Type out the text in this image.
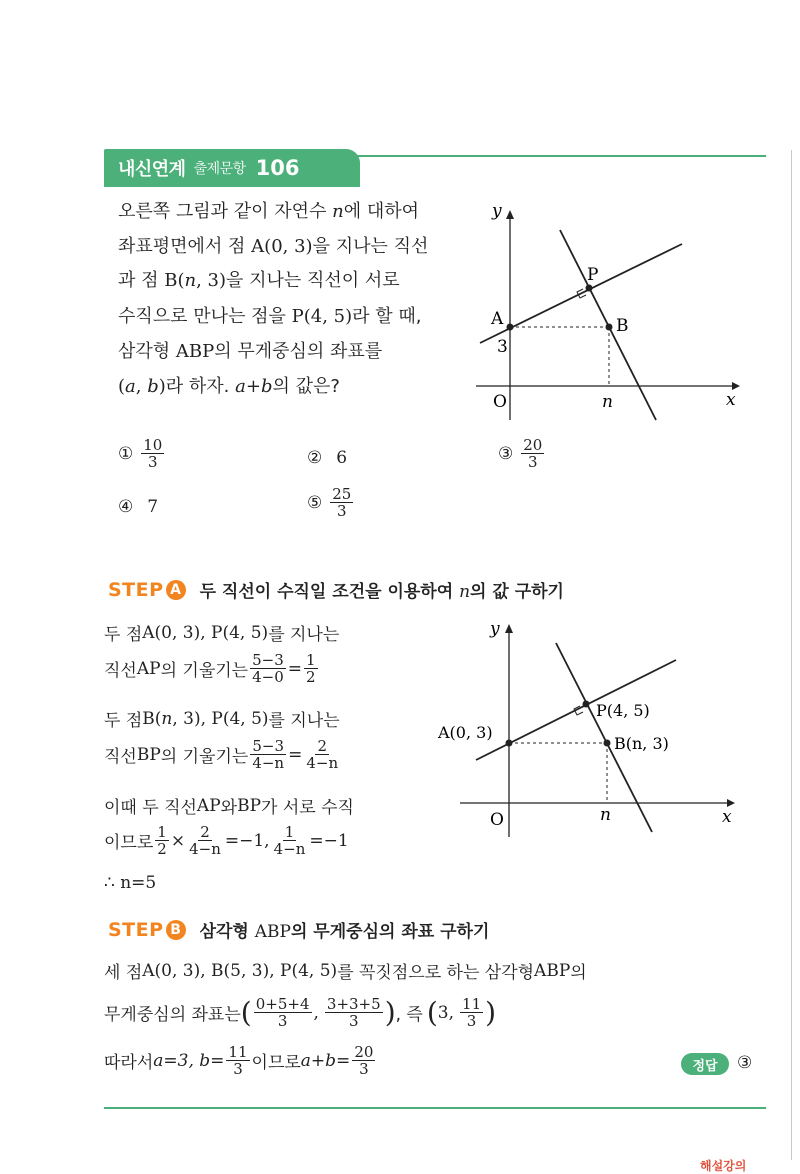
내신연계 출제문항 106
오른쪽 그림과 같이 자연수 n에 대하여
좌표평면에서 점 A(0, 3)을 지나는 직선
과 점 B(n, 3)을 지나는 직선이 서로
수직으로 만나는 점을 P(4, 5)라 할 때,
삼각형 ABP의 무게중심의 좌표를
(a, b)라 하자. a+b의 값은?
y
x
P
A	B
3
O	n
① $\frac{10}{3}$	② 6	③ $\frac{20}{3}$
④ 7	⑤ $\frac{25}{3}$
STEP A 두 직선이 수직일 조건을 이용하여 n의 값 구하기
두 점 A(0, 3), P(4, 5) 를 지나는
직선 AP 의 기울기는 $\frac{5-3}{4-0} = \frac{1}{2}$
두 점 B( n , 3), P(4, 5) 를 지나는
직선 BP 의 기울기는 $\frac{5-3}{4-n} = \frac{2}{4-n}$
이때 두 직선 AP 와 BP 가 서로 수직
이므로 $\frac{1}{2} \times \frac{2}{4-n} =-1$, $\frac{1}{4-n} =-1$
∴ n=5
y
x
P(4, 5)
A(0, 3)
B(n, 3)
O	n
STEP B 삼각형 ABP의 무게중심의 좌표 구하기
세 점 A(0, 3), B(5, 3), P(4, 5) 를 꼭짓점으로 하는 삼각형 ABP 의
무게중심의 좌표는 ( $\frac{0+5+4}{3}$ , $\frac{3+3+5}{3}$ ) , 즉 ( 3, $\frac{11}{3}$ )
따라서 a=3, $b= \frac{11}{3}$ 이므로 $a+b= \frac{20}{3}$	정답	③
해설강의
